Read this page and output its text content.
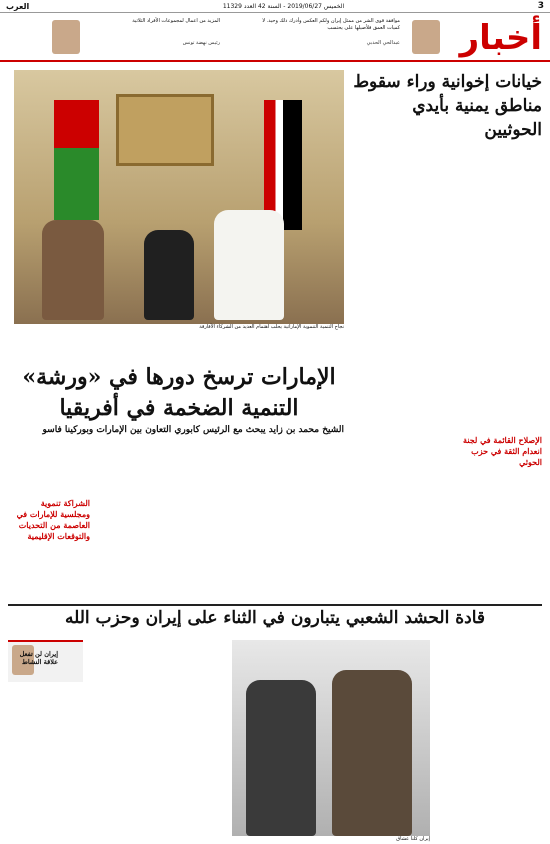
3
الخميس 2019/06/27 - السنة 42 العدد 11329
العرب
أخبار
موافقة قوى الشر من ممثل إيران ولكم العكس وأدرك ذلك وحيد. لا كميات العمق فلأصيلها على يحتسب
عبدالحي الحدبي
المزيد من اعمال لمجموعات الأفراد الثلاثية
رئيس نهضة تونس
خيانات إخوانية وراء سقوط مناطق يمنية بأيدي الحوثيين
الإصلاح القائمة في لجنة انعدام الثقة في حزب الحوثي
نجاح التنمية التنموية الإماراتية يحلب اهتمام العديد من الشركاء الأفارقة
الإمارات ترسخ دورها في «ورشة» التنمية الضخمة في أفريقيا
الشيخ محمد بن زايد يبحث مع الرئيس كابوري التعاون بين الإمارات وبوركينا فاسو
الشراكة تنموية ومجلسية للإمارات في العاصمة من التحديات والتوقعات الإقليمية
قادة الحشد الشعبي يتبارون في الثناء على إيران وحزب الله
إيران لن تفعل علاقة النشاط
إيران كلنا عشاق
